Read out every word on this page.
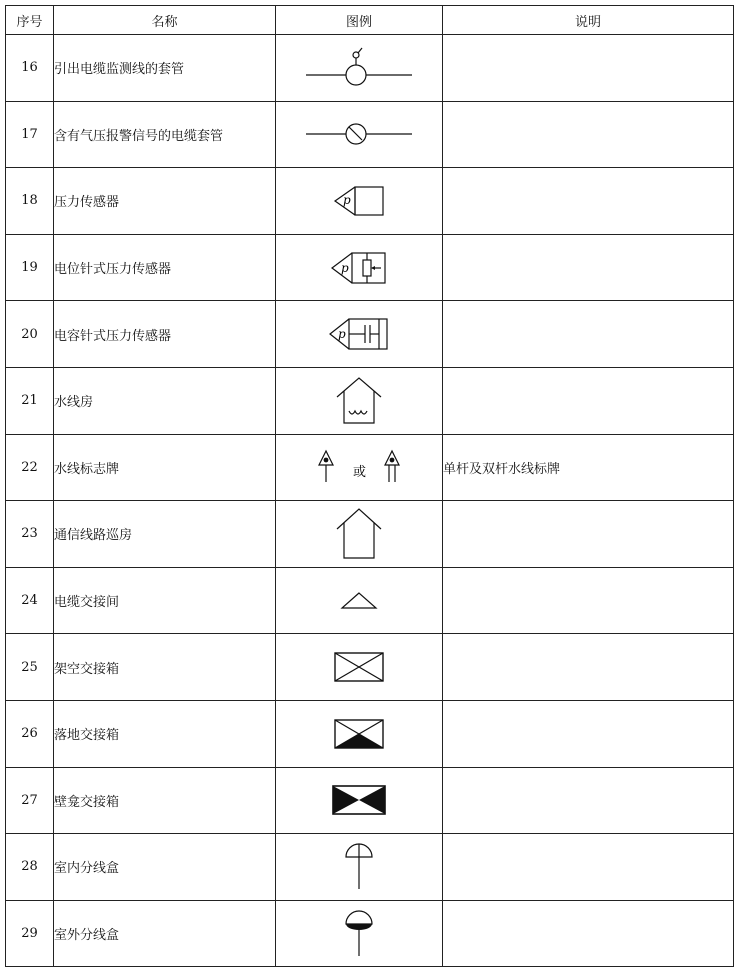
序号	名称	图例	说明
16	引出电缆监测线的套管		
17	含有气压报警信号的电缆套管		
18	压力传感器	p	

19	电位针式压力传感器	p	

20	电容针式压力传感器	p	

21	水线房		
22	水线标志牌	或	单杆及双杆水线标牌
23	通信线路巡房		
24	电缆交接间		
25	架空交接箱		
26	落地交接箱		
27	壁龛交接箱		
28	室内分线盒		
29	室外分线盒		
